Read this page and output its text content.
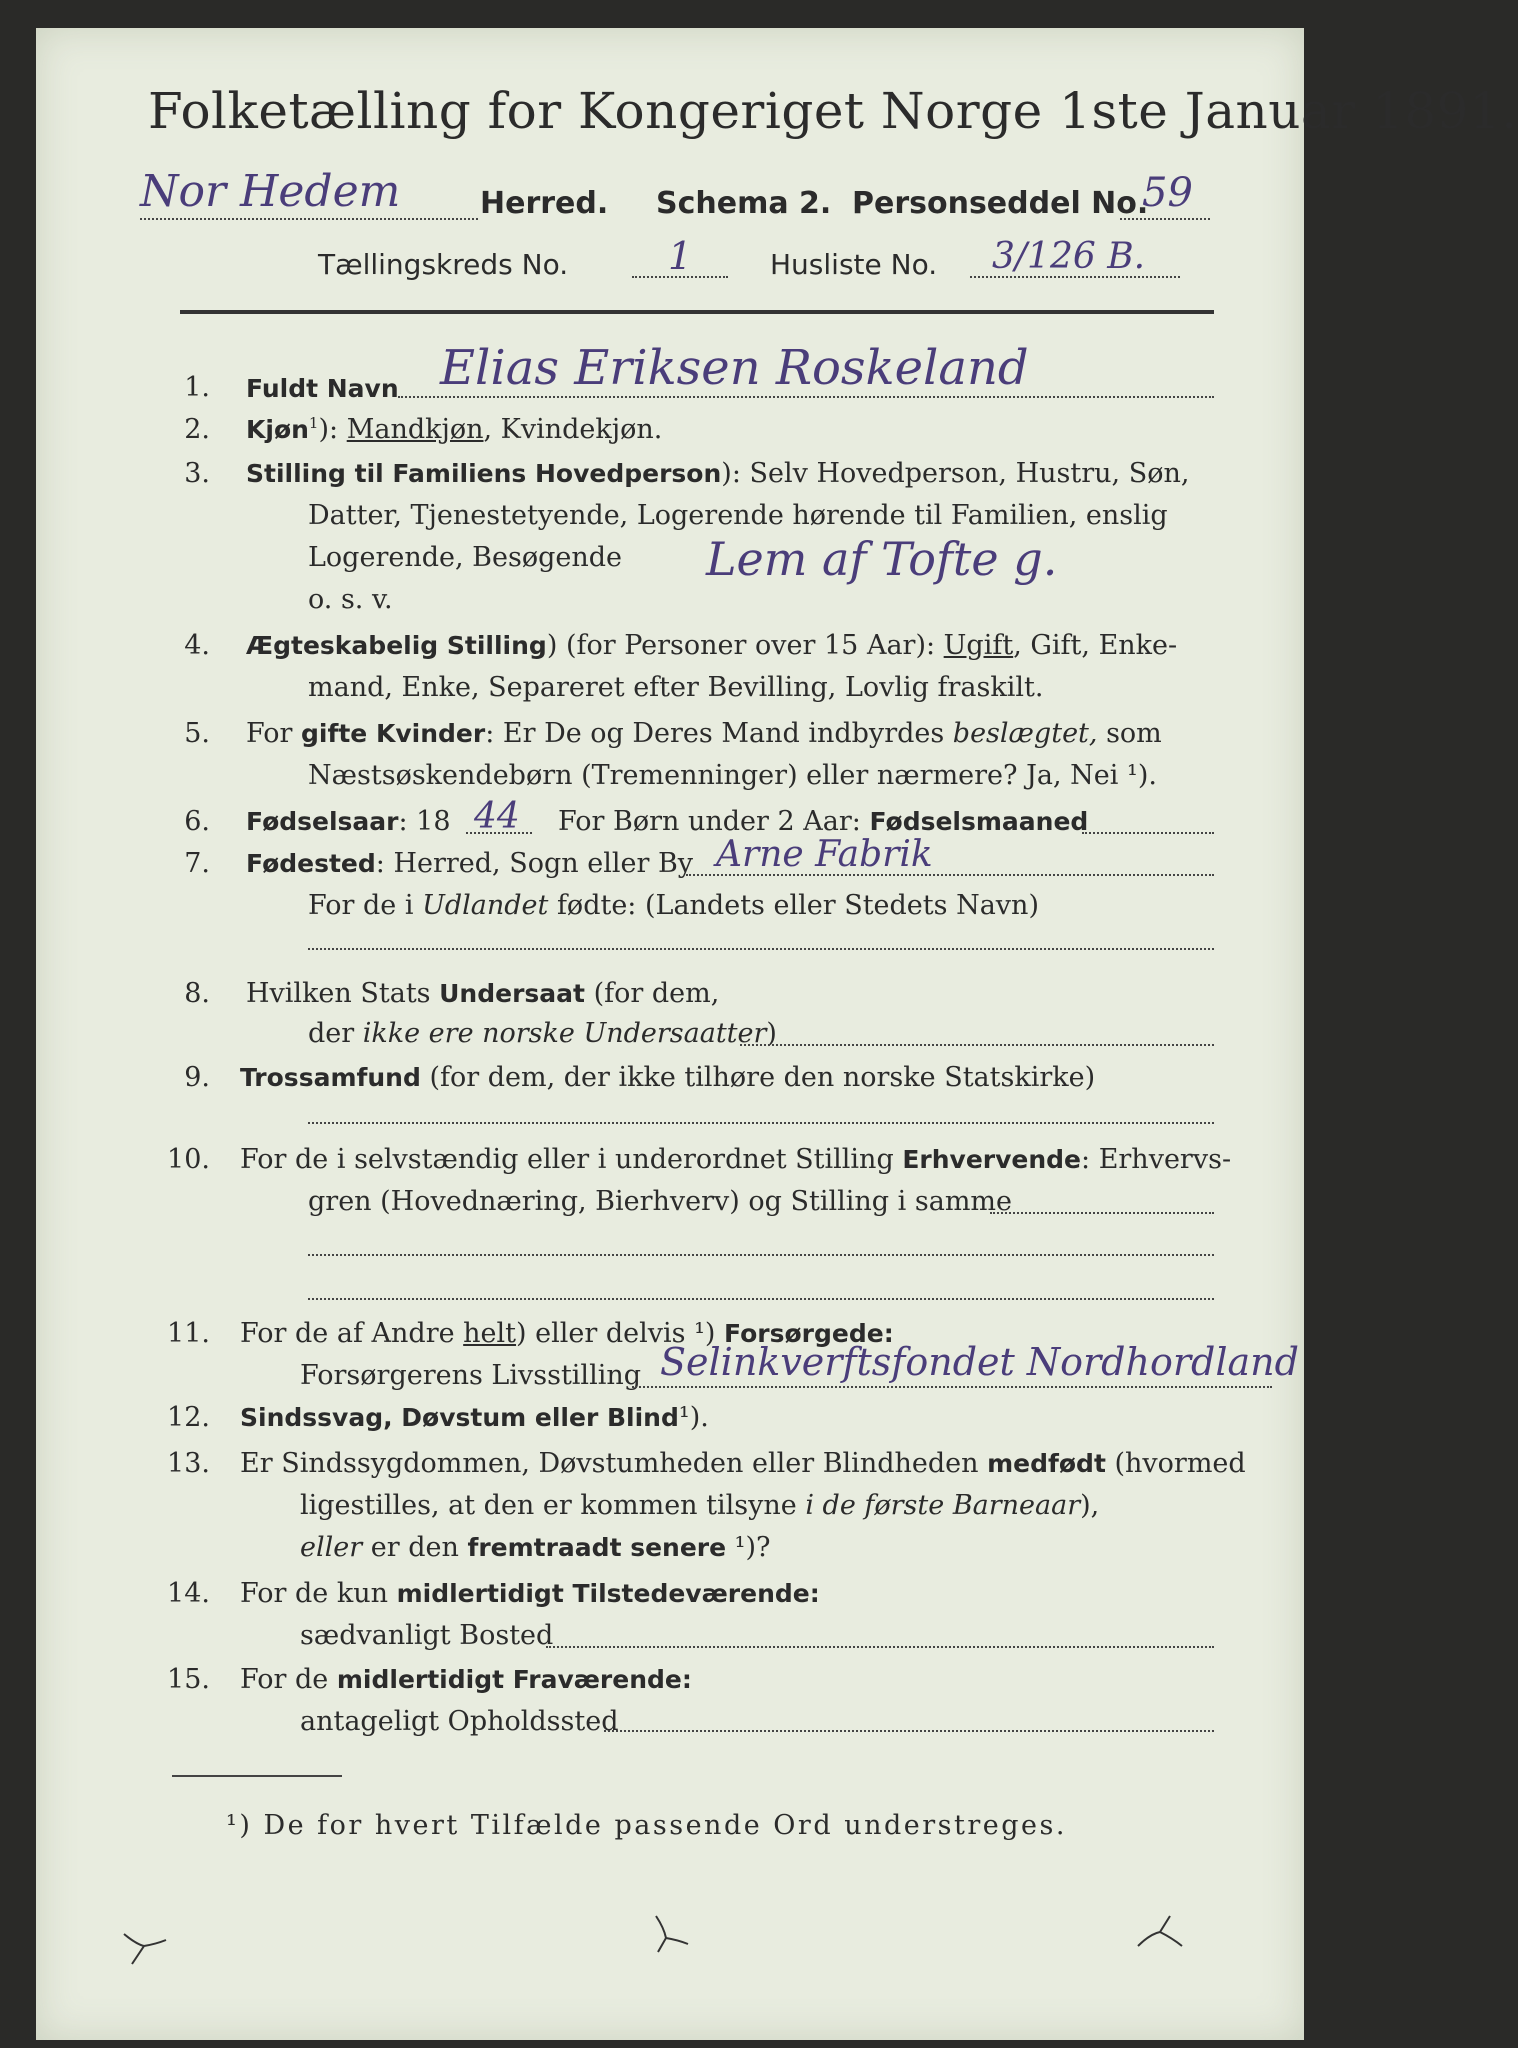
Folketælling for Kongeriget Norge 1ste Januar 1891.
Nor Hedem	Herred. Schema 2. Personseddel No.
59
Tællingskreds No.	1	Husliste No. 3/126 B.
1. Fuldt Navn Elias Eriksen Roskeland
2. Kjøn$^1$): Mandkjøn, Kvindekjøn.
3. Stilling til Familiens Hovedperson): Selv Hovedperson, Hustru, Søn,
Datter, Tjenestetyende, Logerende hørende til Familien, enslig
Logerende, Besøgende
o. s. v.
Lem af Tofte g.
4. Ægteskabelig Stilling) (for Personer over 15 Aar): Ugift, Gift, Enke-
mand, Enke, Separeret efter Bevilling, Lovlig fraskilt.
5. For gifte Kvinder: Er De og Deres Mand indbyrdes beslægtet, som
Næstsøskendebørn (Tremenninger) eller nærmere? Ja, Nei ¹).
6. Fødselsaar: 18 44 For Børn under 2 Aar: Fødselsmaaned
7. Fødested: Herred, Sogn eller By Arne Fabrik
For de i Udlandet fødte: (Landets eller Stedets Navn)
8. Hvilken Stats Undersaat (for dem,
der ikke ere norske Undersaatter)
9. Trossamfund (for dem, der ikke tilhøre den norske Statskirke)
10. For de i selvstændig eller i underordnet Stilling Erhvervende: Erhvervs-
gren (Hovednæring, Bierhverv) og Stilling i samme
11. For de af Andre helt) eller delvis ¹) Forsørgede:
Forsørgerens Livsstilling Selinkverftsfondet Nordhordland
12. Sindssvag, Døvstum eller Blind¹).
13. Er Sindssygdommen, Døvstumheden eller Blindheden medfødt (hvormed
ligestilles, at den er kommen tilsyne i de første Barneaar),
eller er den fremtraadt senere ¹)?
14. For de kun midlertidigt Tilstedeværende:
sædvanligt Bosted
15. For de midlertidigt Fraværende:
antageligt Opholdssted
¹) De for hvert Tilfælde passende Ord understreges.
